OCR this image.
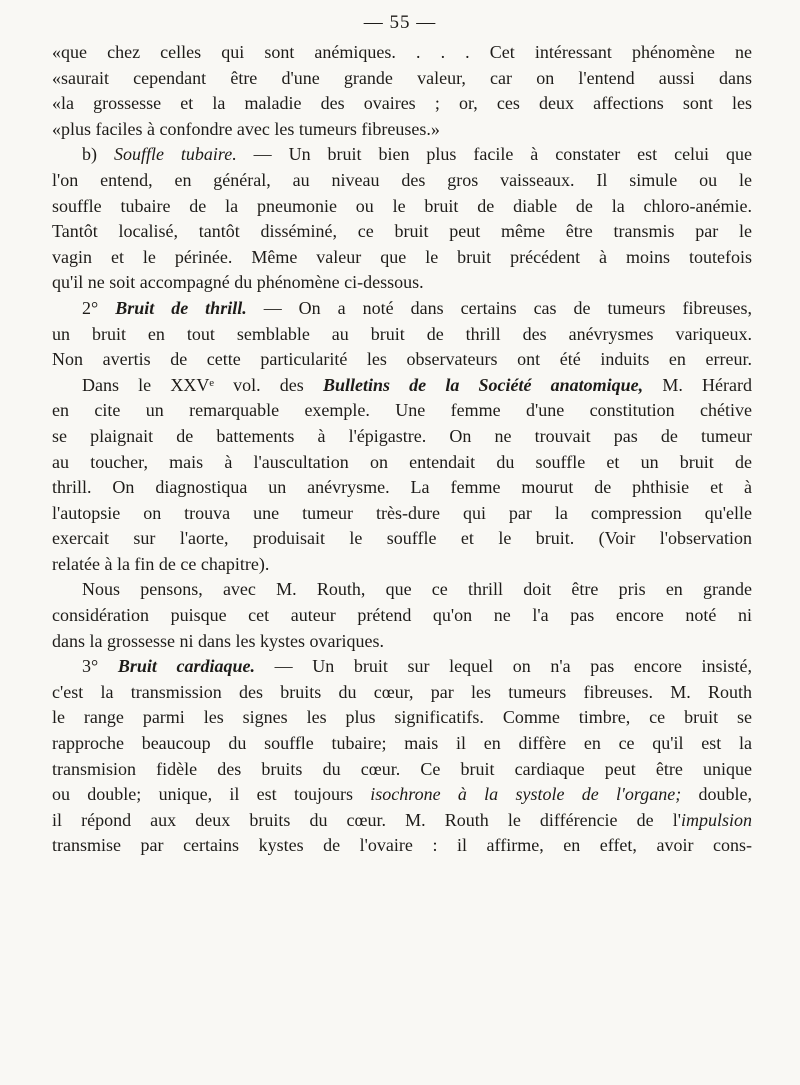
— 55 —
«que chez celles qui sont anémiques. . . . Cet intéressant phénomène ne
«saurait cependant être d'une grande valeur, car on l'entend aussi dans
«la grossesse et la maladie des ovaires ; or, ces deux affections sont les
«plus faciles à confondre avec les tumeurs fibreuses.»
b) Souffle tubaire. — Un bruit bien plus facile à constater est celui que
l'on entend, en général, au niveau des gros vaisseaux. Il simule ou le
souffle tubaire de la pneumonie ou le bruit de diable de la chloro-anémie.
Tantôt localisé, tantôt disséminé, ce bruit peut même être transmis par le
vagin et le périnée. Même valeur que le bruit précédent à moins toutefois
qu'il ne soit accompagné du phénomène ci-dessous.
2° Bruit de thrill. — On a noté dans certains cas de tumeurs fibreuses,
un bruit en tout semblable au bruit de thrill des anévrysmes variqueux.
Non avertis de cette particularité les observateurs ont été induits en erreur.
Dans le XXVᵉ vol. des Bulletins de la Société anatomique, M. Hérard
en cite un remarquable exemple. Une femme d'une constitution chétive
se plaignait de battements à l'épigastre. On ne trouvait pas de tumeur
au toucher, mais à l'auscultation on entendait du souffle et un bruit de
thrill. On diagnostiqua un anévrysme. La femme mourut de phthisie et à
l'autopsie on trouva une tumeur très-dure qui par la compression qu'elle
exercait sur l'aorte, produisait le souffle et le bruit. (Voir l'observation
relatée à la fin de ce chapitre).
Nous pensons, avec M. Routh, que ce thrill doit être pris en grande
considération puisque cet auteur prétend qu'on ne l'a pas encore noté ni
dans la grossesse ni dans les kystes ovariques.
3° Bruit cardiaque. — Un bruit sur lequel on n'a pas encore insisté,
c'est la transmission des bruits du cœur, par les tumeurs fibreuses. M. Routh
le range parmi les signes les plus significatifs. Comme timbre, ce bruit se
rapproche beaucoup du souffle tubaire; mais il en diffère en ce qu'il est la
transmision fidèle des bruits du cœur. Ce bruit cardiaque peut être unique
ou double; unique, il est toujours isochrone à la systole de l'organe; double,
il répond aux deux bruits du cœur. M. Routh le différencie de l'impulsion
transmise par certains kystes de l'ovaire : il affirme, en effet, avoir cons-
